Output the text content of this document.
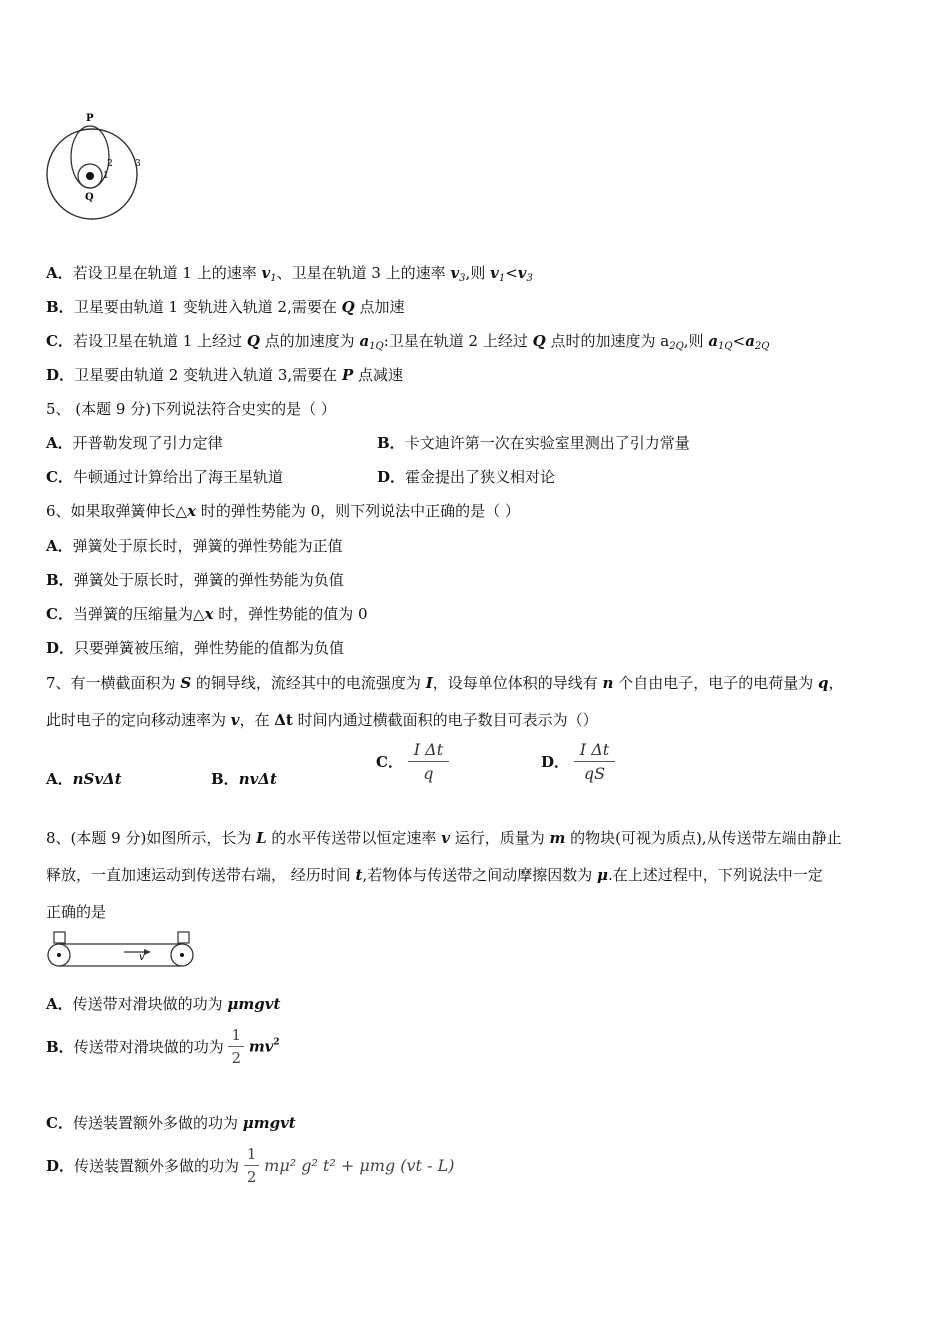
P
Q
1
2 3
A．若设卫星在轨道 1 上的速率 $v_1$、卫星在轨道 3 上的速率 $v_3$,则 $v_1<v_3$
B．卫星要由轨道 1 变轨进入轨道 2,需要在 Q 点加速
C．若设卫星在轨道 1 上经过 Q 点的加速度为 $a_{1Q}$:卫星在轨道 2 上经过 Q 点时的加速度为 $a_{2Q}$,则 $a_{1Q}<a_{2Q}$
D．卫星要由轨道 2 变轨进入轨道 3,需要在 P 点减速
5、 (本题 9 分)下列说法符合史实的是（ ）
A．开普勒发现了引力定律	B．卡文迪许第一次在实验室里测出了引力常量
C．牛顿通过计算给出了海王星轨道	D．霍金提出了狭义相对论
6、如果取弹簧伸长△x 时的弹性势能为 0，则下列说法中正确的是（ ）
A．弹簧处于原长时，弹簧的弹性势能为正值
B．弹簧处于原长时，弹簧的弹性势能为负值
C．当弹簧的压缩量为△x 时，弹性势能的值为 0
D．只要弹簧被压缩，弹性势能的值都为负值
7、有一横截面积为 S 的铜导线，流经其中的电流强度为 I，设每单位体积的导线有 n 个自由电子，电子的电荷量为 q，
此时电子的定向移动速率为 v，在 Δt 时间内通过横截面积的电子数目可表示为（）
A．nSvΔt	B．nvΔt
C． $\frac{\text{I Δt}}{q}$	D． $\frac{\text{I Δt}}{qS}$
8、(本题 9 分)如图所示，长为 L 的水平传送带以恒定速率 v 运行，质量为 m 的物块(可视为质点),从传送带左端由静止
释放，一直加速运动到传送带右端， 经历时间 t,若物体与传送带之间动摩擦因数为 μ.在上述过程中，下列说法中一定
正确的是
v
A．传送带对滑块做的功为 μmgvt
B．传送带对滑块做的功为 $\frac{1}{2} mv^2$
C．传送装置额外多做的功为 μmgvt
D．传送装置额外多做的功为 $\frac{1}{2} m\mu^2$ g² t² + μmg (vt - L)
